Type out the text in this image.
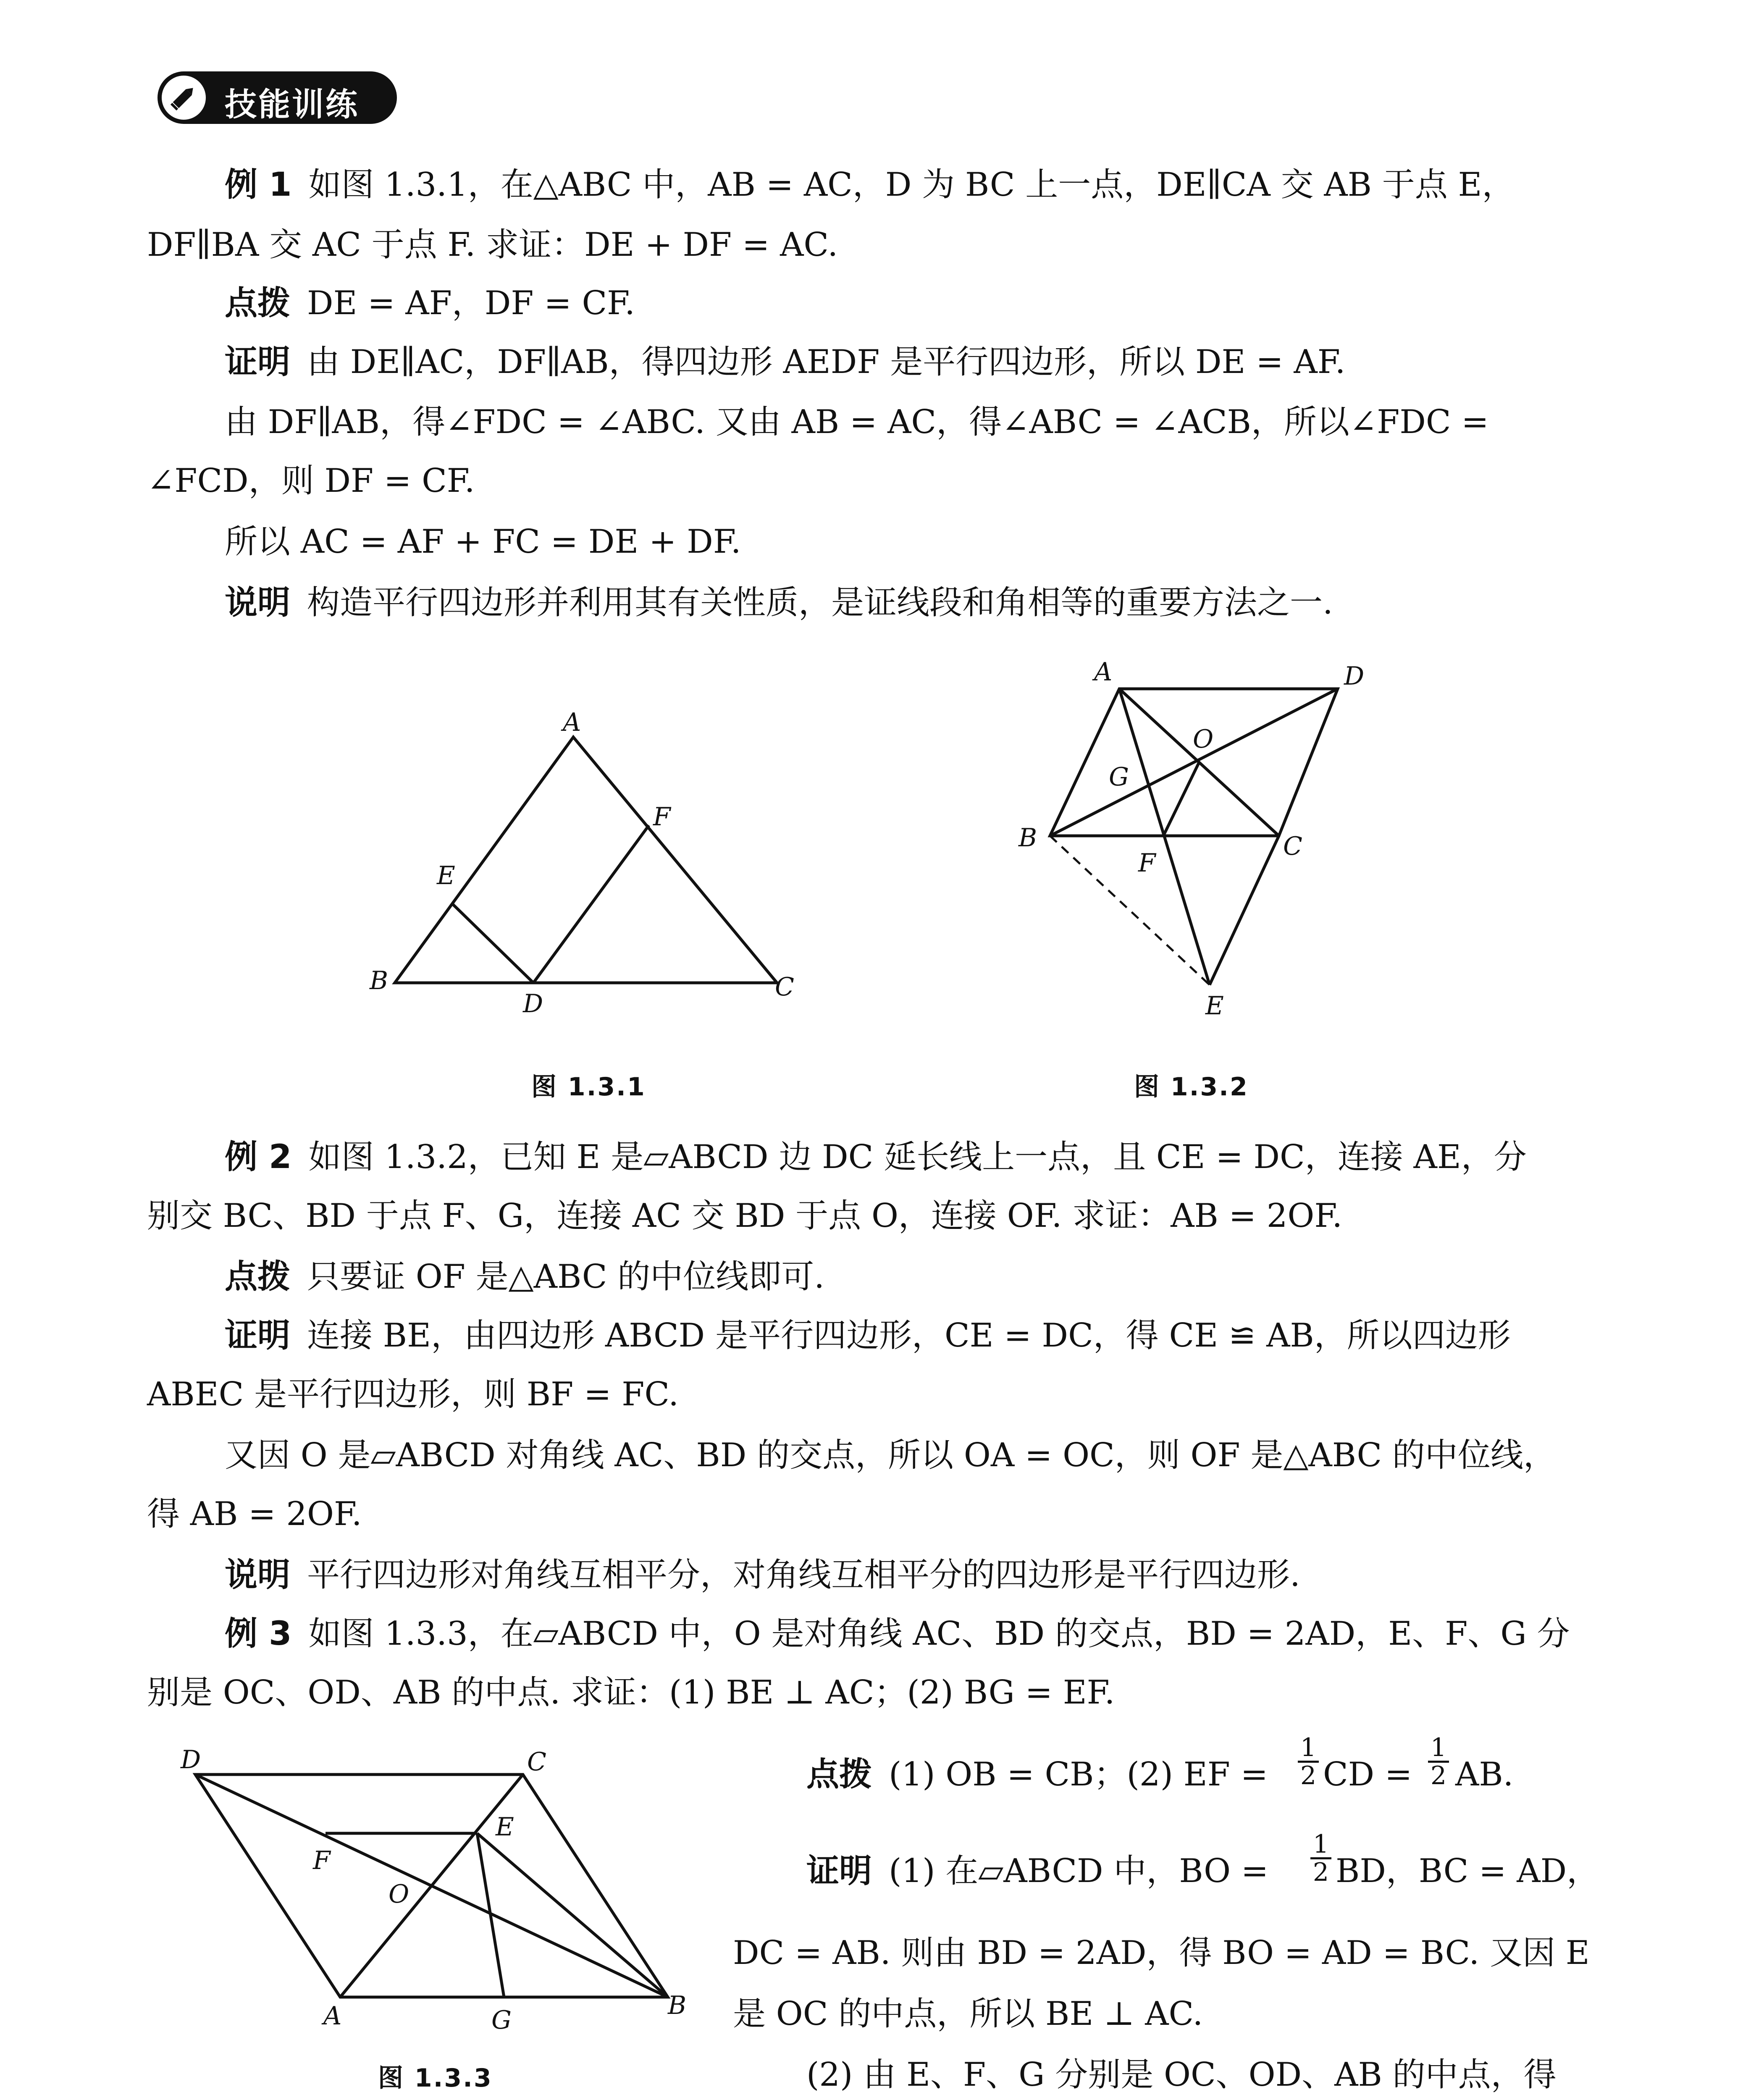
技能训练
例 1 如图 1.3.1，在△ABC 中，AB = AC，D 为 BC 上一点，DE∥CA 交 AB 于点 E，
DF∥BA 交 AC 于点 F. 求证：DE + DF = AC.
点拨 DE = AF，DF = CF.
证明 由 DE∥AC，DF∥AB，得四边形 AEDF 是平行四边形，所以 DE = AF.
由 DF∥AB，得∠FDC = ∠ABC. 又由 AB = AC，得∠ABC = ∠ACB，所以∠FDC =
∠FCD，则 DF = CF.
所以 AC = AF + FC = DE + DF.
说明 构造平行四边形并利用其有关性质，是证线段和角相等的重要方法之一.
A
B	C
D
E
F
图 1.3.1
A	D
O
G
B	C
F
E
图 1.3.2
例 2 如图 1.3.2，已知 E 是▱ABCD 边 DC 延长线上一点，且 CE = DC，连接 AE，分
别交 BC、BD 于点 F、G，连接 AC 交 BD 于点 O，连接 OF. 求证：AB = 2OF.
点拨 只要证 OF 是△ABC 的中位线即可.
证明 连接 BE，由四边形 ABCD 是平行四边形，CE = DC，得 CE ≌ AB，所以四边形
ABEC 是平行四边形，则 BF = FC.
又因 O 是▱ABCD 对角线 AC、BD 的交点，所以 OA = OC，则 OF 是△ABC 的中位线，
得 AB = 2OF.
说明 平行四边形对角线互相平分，对角线互相平分的四边形是平行四边形.
例 3 如图 1.3.3，在▱ABCD 中，O 是对角线 AC、BD 的交点，BD = 2AD，E、F、G 分
别是 OC、OD、AB 的中点. 求证：(1) BE ⊥ AC；(2) BG = EF.
D	C
E
F
O
A	G	B
图 1.3.3
点拨 (1) OB = CB；(2) EF =
1
2 CD =
1
2 AB.
证明 (1) 在▱ABCD 中，BO =
1
2 BD，BC = AD，
DC = AB. 则由 BD = 2AD，得 BO = AD = BC. 又因 E
是 OC 的中点，所以 BE ⊥ AC.
(2) 由 E、F、G 分别是 OC、OD、AB 的中点，得
